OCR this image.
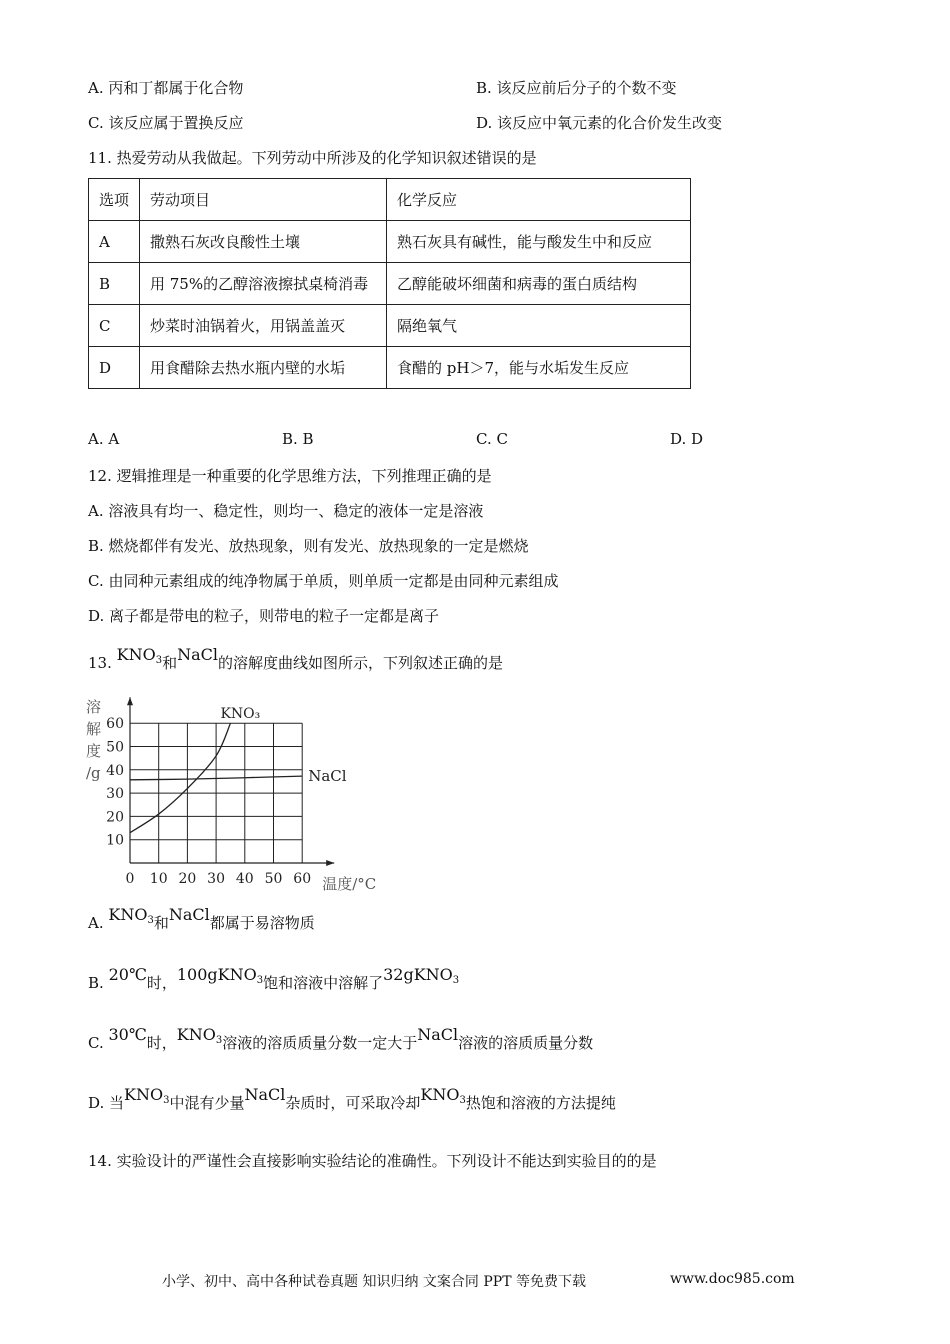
A. 丙和丁都属于化合物	B. 该反应前后分子的个数不变
C. 该反应属于置换反应	D. 该反应中氧元素的化合价发生改变
11. 热爱劳动从我做起。下列劳动中所涉及的化学知识叙述错误的是
选项	劳动项目	化学反应
A	撒熟石灰改良酸性土壤	熟石灰具有碱性，能与酸发生中和反应
B	用 75%的乙醇溶液擦拭桌椅消毒	乙醇能破坏细菌和病毒的蛋白质结构
C	炒菜时油锅着火，用锅盖盖灭	隔绝氧气
D	用食醋除去热水瓶内壁的水垢	食醋的 pH＞7，能与水垢发生反应
A. A	B. B	C. C	D. D
12. 逻辑推理是一种重要的化学思维方法，下列推理正确的是
A. 溶液具有均一、稳定性，则均一、稳定的液体一定是溶液
B. 燃烧都伴有发光、放热现象，则有发光、放热现象的一定是燃烧
C. 由同种元素组成的纯净物属于单质，则单质一定都是由同种元素组成
D. 离子都是带电的粒子，则带电的粒子一定都是离子
13. $KNO_3$和NaCl的溶解度曲线如图所示，下列叙述正确的是
0 10 20 30 40 50 60
10
20
30
40
50
60
溶
解
度
/g
温度/°C
KNO₃
NaCl
A. $KNO_3$和NaCl都属于易溶物质
B. 20℃时，100gKNO$_3$饱和溶液中溶解了32gKNO$_3$
C. 30℃时，$KNO_3$溶液的溶质质量分数一定大于NaCl溶液的溶质质量分数
D. 当$KNO_3$中混有少量NaCl杂质时，可采取冷却$KNO_3$热饱和溶液的方法提纯
14. 实验设计的严谨性会直接影响实验结论的准确性。下列设计不能达到实验目的的是
小学、初中、高中各种试卷真题 知识归纳 文案合同 PPT 等免费下载	www.doc985.com
